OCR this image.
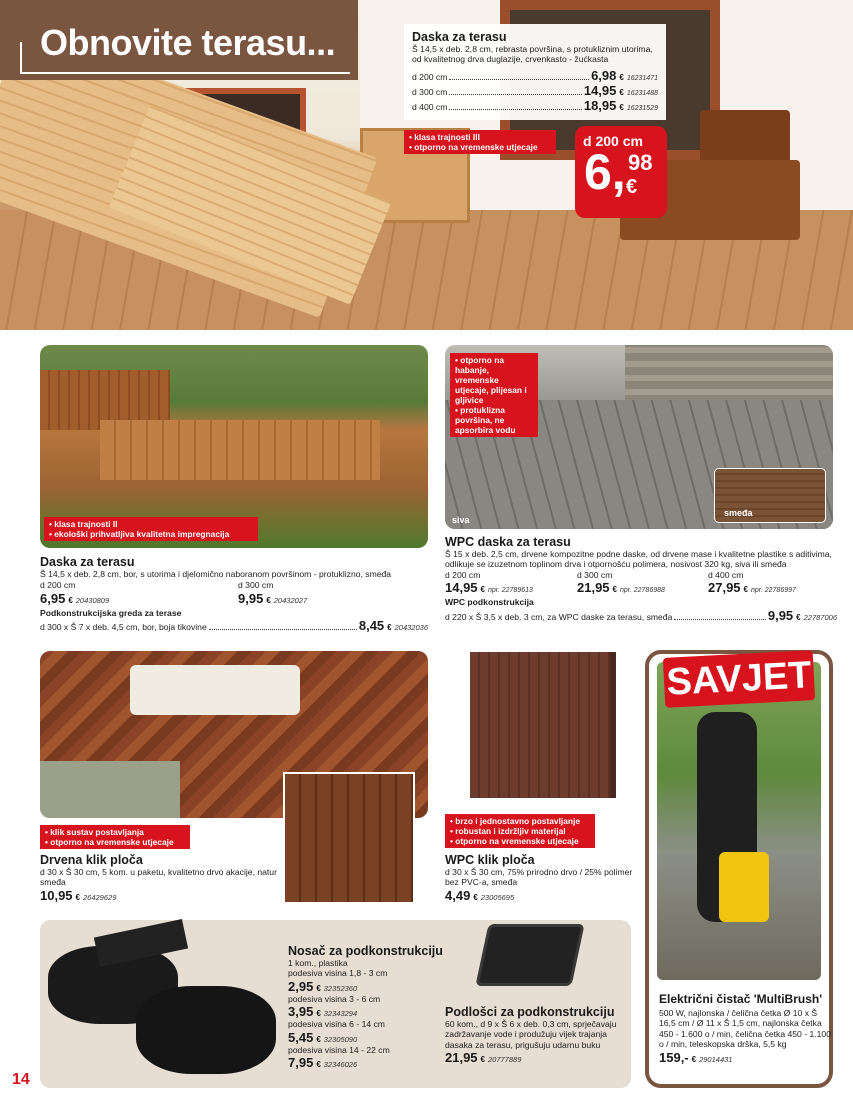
Obnovite terasu...	Daska za terasu
Š 14,5 x deb. 2,8 cm, rebrasta površina, s protukliznim utorima, od kvalitetnog drva duglazije, crvenkasto - žućkasta
d 200 cm	6,98 € 16231471
d 300 cm	14,95 € 16231488
d 400 cm	18,95 € 16231529
• klasa trajnosti III
• otporno na vremenske utjecaje	d 200 cm
6, 98
€
• klasa trajnosti II
• ekološki prihvatljiva kvalitetna impregnacija
Daska za terasu
Š 14,5 x deb. 2,8 cm, bor, s utorima i djelomično naboranom površinom - protuklizno, smeđa
d 200 cm
6,95 € 20430809
d 300 cm
9,95 € 20432027
Podkonstrukcijska greda za terase
d 300 x Š 7 x deb. 4,5 cm, bor, boja tikovine	8,45 € 20432036
• otporno na habanje, vremenske utjecaje, plijesan i gljivice
• protuklizna površina, ne apsorbira vodu
siva
smeđa
WPC daska za terasu
Š 15 x deb. 2,5 cm, drvene kompozitne podne daske, od drvene mase i kvalitetne plastike s aditivima, odlikuje se izuzetnom toplinom drva i otpornošću polimera, nosivost 320 kg, siva ili smeđa
d 200 cm
14,95 € npr. 22789613
d 300 cm
21,95 € npr. 22786988
d 400 cm
27,95 € npr. 22786997
WPC podkonstrukcija
d 220 x Š 3,5 x deb. 3 cm, za WPC daske za terasu, smeđa	9,95 € 22787006
• klik sustav postavljanja
• otporno na vremenske utjecaje
Drvena klik ploča
d 30 x Š 30 cm, 5 kom. u paketu, kvalitetno drvo akacije, natur smeđa
10,95 € 26429629
• brzo i jednostavno postavljanje
• robustan i izdržljiv materijal
• otporno na vremenske utjecaje
WPC klik ploča
d 30 x Š 30 cm, 75% prirodno drvo / 25% polimer bez PVC-a, smeđa
4,49 € 23005695
Nosač za podkonstrukciju
1 kom., plastika
podesiva visina 1,8 - 3 cm
2,95 € 32352360
podesiva visina 3 - 6 cm
3,95 € 32343294
podesiva visina 6 - 14 cm
5,45 € 32305090
podesiva visina 14 - 22 cm
7,95 € 32346026
Podlošci za podkonstrukciju
60 kom., d 9 x Š 6 x deb. 0,3 cm, sprječavaju zadržavanje vode i produžuju vijek trajanja dasaka za terasu, prigušuju udarnu buku
21,95 € 20777889
SAVJET
Električni čistač 'MultiBrush'
500 W, najlonska / čelična četka Ø 10 x Š 16,5 cm / Ø 11 x Š 1,5 cm, najlonska četka 450 - 1.600 o / min, čelična četka 450 - 1.100 o / min, teleskopska drška, 5,5 kg
159,- € 29014431
14
